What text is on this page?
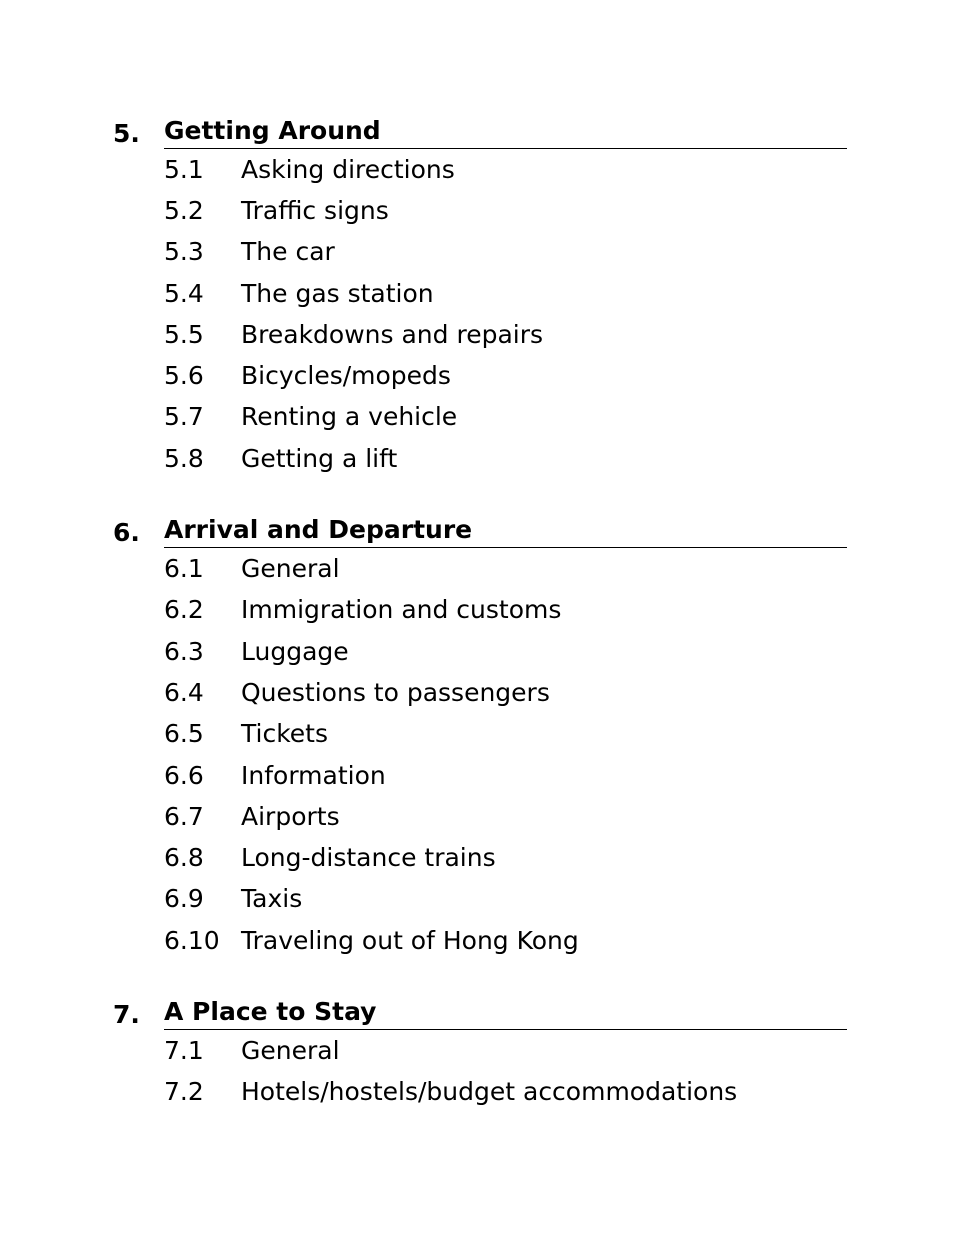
5. Getting Around
5.1	Asking directions
5.2	Traffic signs
5.3	The car
5.4	The gas station
5.5	Breakdowns and repairs
5.6	Bicycles/mopeds
5.7	Renting a vehicle
5.8	Getting a lift
6. Arrival and Departure
6.1	General
6.2	Immigration and customs
6.3	Luggage
6.4	Questions to passengers
6.5	Tickets
6.6	Information
6.7	Airports
6.8	Long-distance trains
6.9	Taxis
6.10 Traveling out of Hong Kong
7. A Place to Stay
7.1	General
7.2	Hotels/hostels/budget accommodations
